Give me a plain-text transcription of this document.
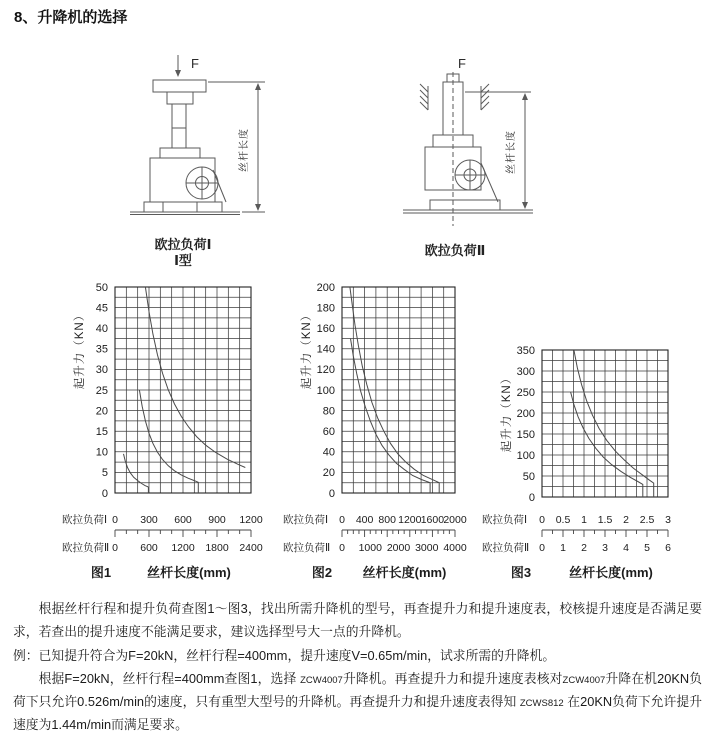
8、升降机的选择
F
丝杆长度
欧拉负荷Ⅰ
Ⅰ型
F
丝杆长度
欧拉负荷Ⅱ
0
5
10
15
20
25
30
35
40
45
50
起升力（KN）
欧拉负荷Ⅰ 0 300 600 900 1200
欧拉负荷Ⅱ 0 600 1200 1800 2400
图1	丝杆长度(mm)
0
20
40
60
80
100
120
140
160
180
200
起升力（KN）
欧拉负荷Ⅰ 0 400 800 1200 1600 2000
欧拉负荷Ⅱ 0 1000 2000 3000 4000
图2 丝杆长度(mm)
0
50
100
150
200
250
300
350
起升力（KN）
欧拉负荷Ⅰ 0 0.5 1 1.5 2 2.5 3
欧拉负荷Ⅱ 0 1 2 3 4 5 6
图3	丝杆长度(mm)

根据丝杆行程和提升负荷查图1～图3，找出所需升降机的型号，再查提升力和提升速度表，校核提升速度是否满足要求，若查出的提升速度不能满足要求，建议选择型号大一点的升降机。

例：已知提升符合为F=20kN，丝杆行程=400mm，提升速度V=0.65m/min，试求所需的升降机。

根据F=20kN，丝杆行程=400mm查图1，选择 ZCW4007升降机。再查提升力和提升速度表核对ZCW4007升降在机20KN负荷下只允许0.526m/min的速度，只有重型大型号的升降机。再查提升力和提升速度表得知 ZCWS812 在20KN负荷下允许提升速度为1.44m/min而满足要求。
